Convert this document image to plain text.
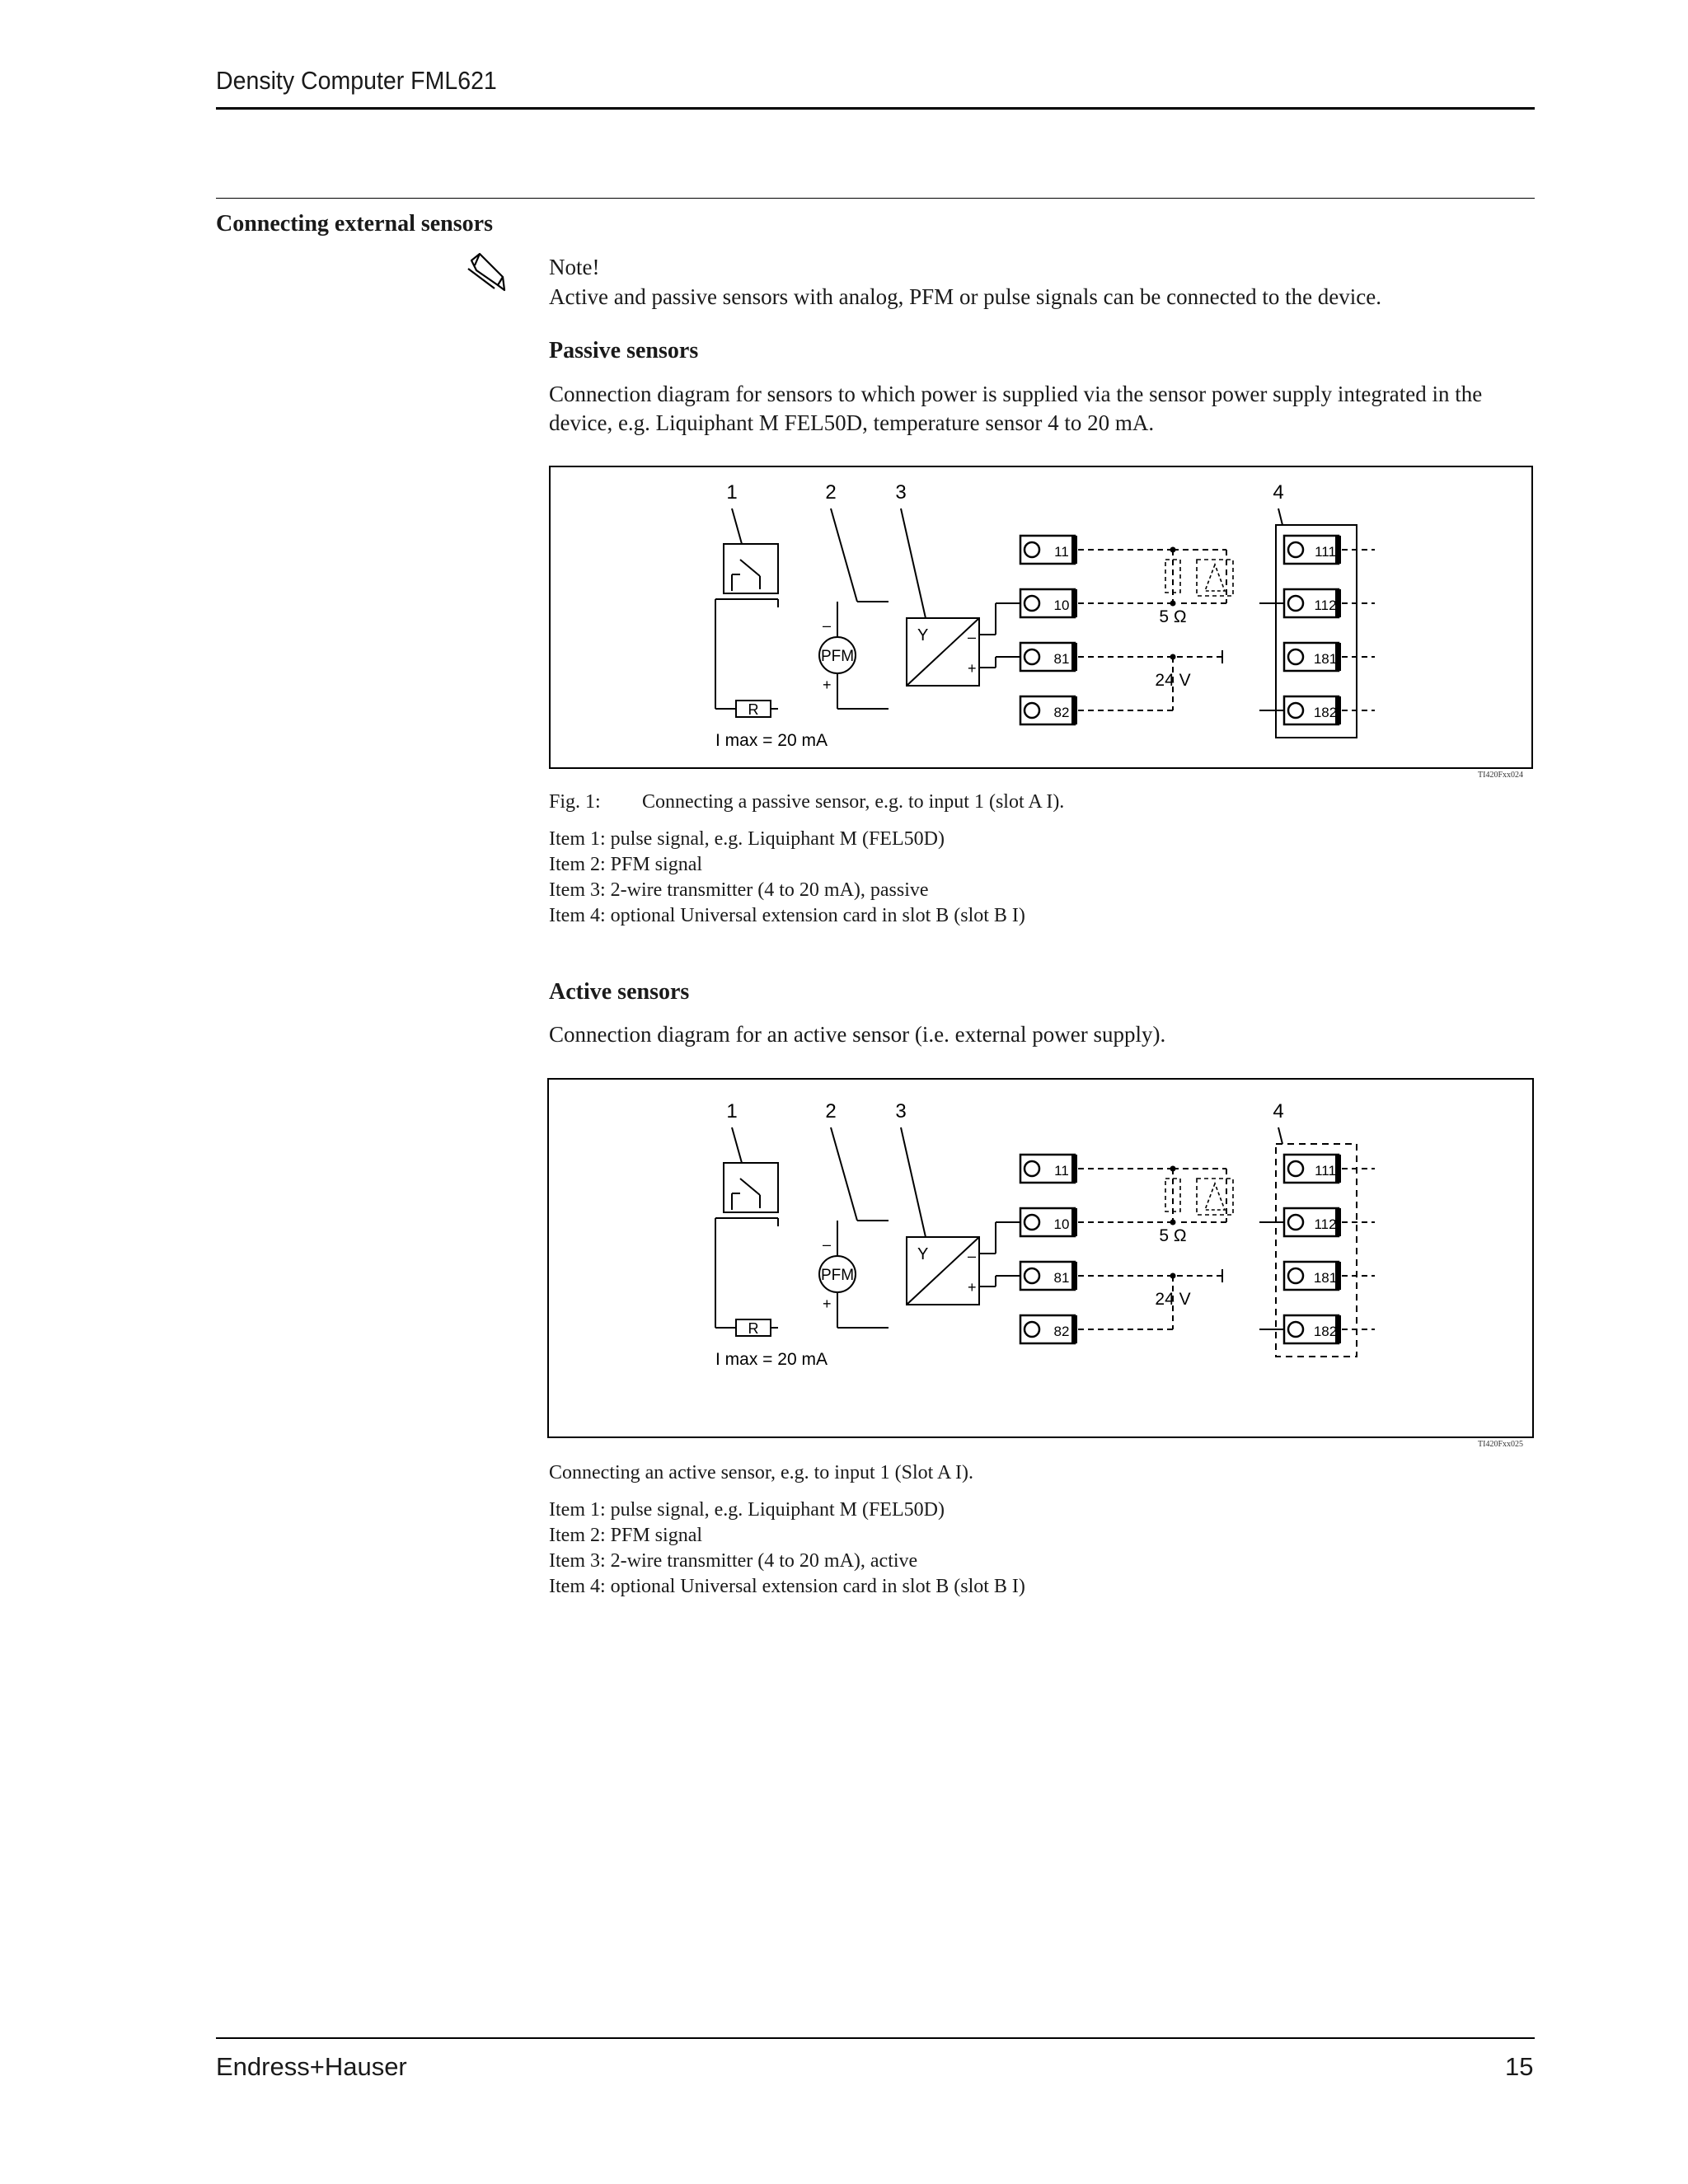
Density Computer FML621
Connecting external sensors
Note!
Active and passive sensors with analog, PFM or pulse signals can be connected to the device.
Passive sensors
Connection diagram for sensors to which power is supplied via the sensor power supply integrated in the
device, e.g. Liquiphant M FEL50D, temperature sensor 4 to 20 mA.
1	2	3	4
R
I max = 20 mA
PFM
–
+
Y	–
+
11
10
81
82
5 Ω
24 V
111
112
181
182
TI420Fxx024
Fig. 1: Connecting a passive sensor, e.g. to input 1 (slot A I).
Item 1: pulse signal, e.g. Liquiphant M (FEL50D)
Item 2: PFM signal
Item 3: 2-wire transmitter (4 to 20 mA), passive
Item 4: optional Universal extension card in slot B (slot B I)
Active sensors
Connection diagram for an active sensor (i.e. external power supply).
1	2	3	4
R
I max = 20 mA
PFM
–
+
Y	–
+
11
10
81
82
5 Ω
24 V
111
112
181
182
TI420Fxx025
Connecting an active sensor, e.g. to input 1 (Slot A I).
Item 1: pulse signal, e.g. Liquiphant M (FEL50D)
Item 2: PFM signal
Item 3: 2-wire transmitter (4 to 20 mA), active
Item 4: optional Universal extension card in slot B (slot B I)
Endress+Hauser	15
